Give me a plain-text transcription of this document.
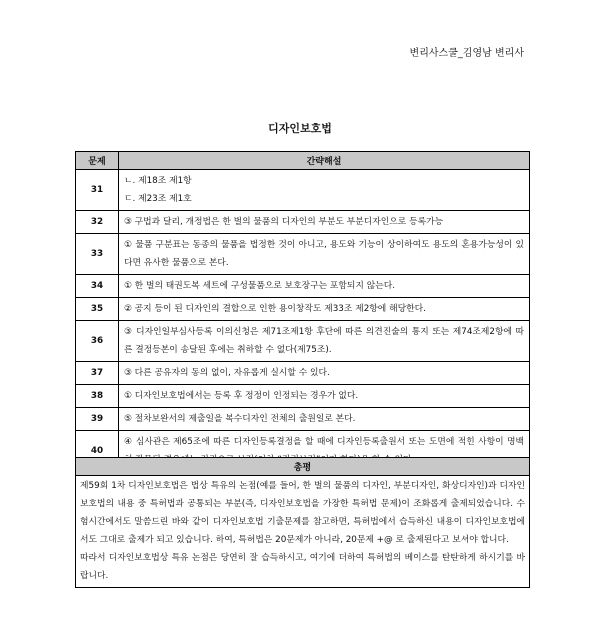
변리사스쿨_김영남 변리사
디자인보호법
문제	간략해설
31	ㄴ. 제18조 제1항
ㄷ. 제23조 제1호

32	③ 구법과 달리, 개정법은 한 벌의 물품의 디자인의 부분도 부분디자인으로 등록가능

33	① 물품 구분표는 동종의 물품을 법정한 것이 아니고, 용도와 기능이 상이하여도 용도의 혼용가능성이 있다면 유사한 물품으로 본다.

34	① 한 벌의 태권도복 세트에 구성물품으로 보호장구는 포함되지 않는다.

35	② 공지 등이 된 디자인의 결합으로 인한 용이창작도 제33조 제2항에 해당한다.

36	③ 디자인일부심사등록 이의신청은 제71조제1항 후단에 따른 의견진술의 통지 또는 제74조제2항에 따른 결정등본이 송달된 후에는 취하할 수 없다(제75조).

37	③ 다른 공유자의 동의 없이, 자유롭게 실시할 수 있다.

38	① 디자인보호법에서는 등록 후 정정이 인정되는 경우가 없다.

39	⑤ 절차보완서의 제출일을 복수디자인 전체의 출원일로 본다.

40	④ 심사관은 제65조에 따른 디자인등록결정을 할 때에 디자인등록출원서 또는 도면에 적힌 사항이 명백
총평

제59회 1차 디자인보호법은 법상 특유의 논점(예를 들어, 한 벌의 물품의 디자인, 부분디자인, 화상디자인)과 디자인보호법의 내용 중 특허법과 공통되는 부분(즉, 디자인보호법을 가장한 특허법 문제)이 조화롭게 출제되었습니다. 수험시간에서도 말씀드린 바와 같이 디자인보호법 기출문제를 참고하면, 특허법에서 습득하신 내용이 디자인보호법에서도 그대로 출제가 되고 있습니다. 하여, 특허법은 20문제가 아니라, 20문제 +@ 로 출제된다고 보셔야 합니다.
따라서 디자인보호법상 특유 논점은 당연히 잘 습득하시고, 여기에 더하여 특허법의 베이스를 탄탄하게 하시기를 바랍니다.
